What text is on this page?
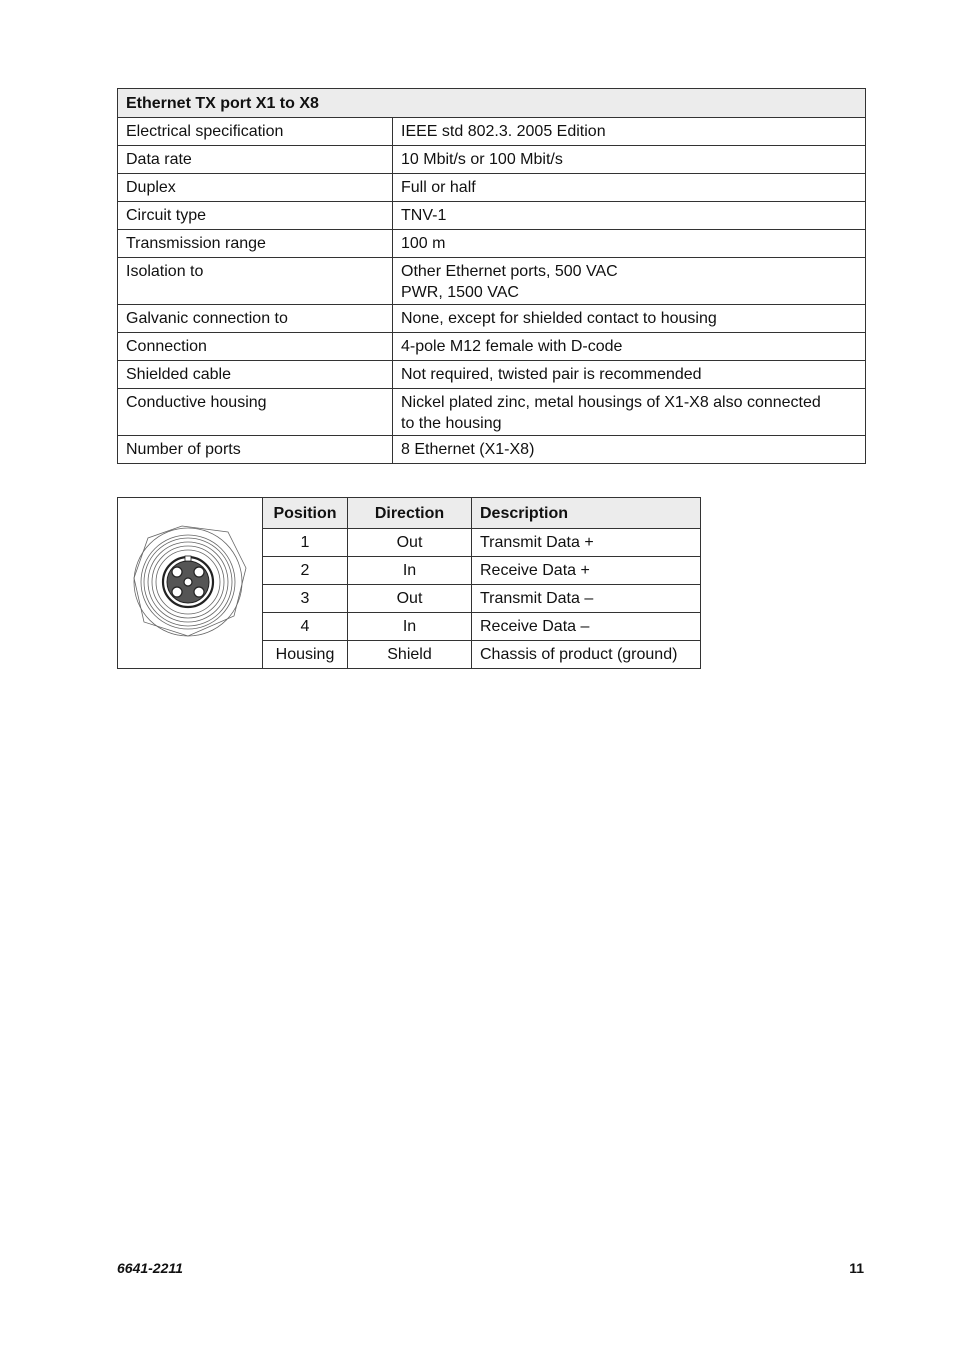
Ethernet TX port X1 to X8	
Electrical specification	IEEE std 802.3. 2005 Edition
Data rate	10 Mbit/s or 100 Mbit/s
Duplex	Full or half
Circuit type	TNV-1
Transmission range	100 m
Isolation to	Other Ethernet ports, 500 VAC
PWR, 1500 VAC

Galvanic connection to	None, except for shielded contact to housing
Connection	4-pole M12 female with D-code
Shielded cable	Not required, twisted pair is recommended
Conductive housing	Nickel plated zinc, metal housings of X1-X8 also connected
to the housing

Number of ports	8 Ethernet (X1-X8)
	Position	Direction	Description
	1	Out	Transmit Data +
	2	In	Receive Data +
	3	Out	Transmit Data –
	4	In	Receive Data –
	Housing	Shield	Chassis of product (ground)
6641-2211	11
